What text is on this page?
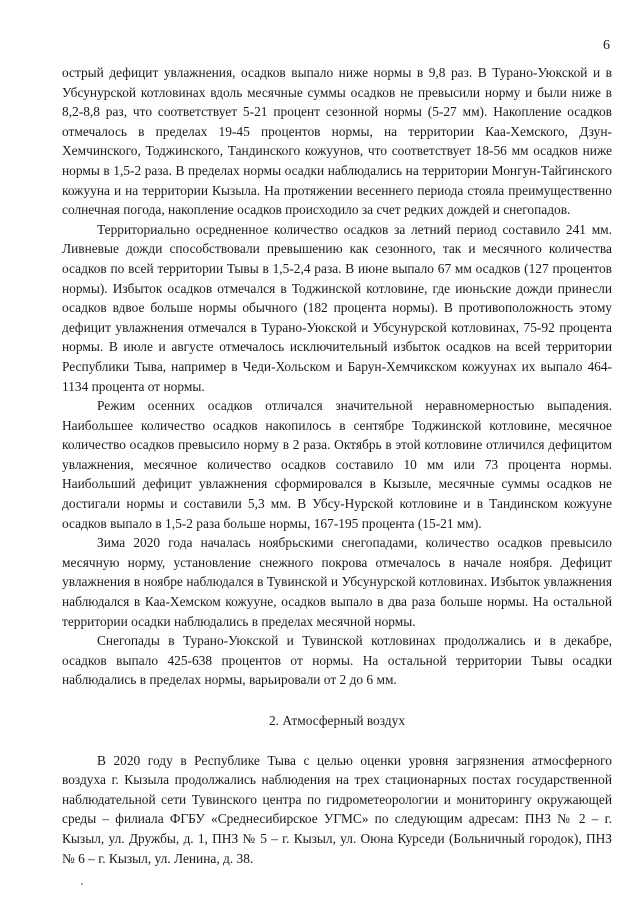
6

острый дефицит увлажнения, осадков выпало ниже нормы в 9,8 раз. В Турано-Уюкской и в Убсунурской котловинах вдоль месячные суммы осадков не превысили норму и были ниже в 8,2-8,8 раз, что соответствует 5-21 процент сезонной нормы (5-27 мм). Накопление осадков отмечалось в пределах 19-45 процентов нормы, на территории Каа-Хемского, Дзун-Хемчинского, Тоджинского, Тандинского кожуунов, что соответствует 18-56 мм осадков ниже нормы в 1,5-2 раза. В пределах нормы осадки наблюдались на территории Монгун-Тайгинского кожууна и на территории Кызыла. На протяжении весеннего периода стояла преимущественно солнечная погода, накопление осадков происходило за счет редких дождей и снегопадов.

Территориально осредненное количество осадков за летний период составило 241 мм. Ливневые дожди способствовали превышению как сезонного, так и месячного количества осадков по всей территории Тывы в 1,5-2,4 раза. В июне выпало 67 мм осадков (127 процентов нормы). Избыток осадков отмечался в Тоджинской котловине, где июньские дожди принесли осадков вдвое больше нормы обычного (182 процента нормы). В противоположность этому дефицит увлажнения отмечался в Турано-Уюкской и Убсунурской котловинах, 75-92 процента нормы. В июле и августе отмечалось исключительный избыток осадков на всей территории Республики Тыва, например в Чеди-Хольском и Барун-Хемчикском кожуунах их выпало 464-1134 процента от нормы.

Режим осенних осадков отличался значительной неравномерностью выпадения. Наибольшее количество осадков накопилось в сентябре Тоджинской котловине, месячное количество осадков превысило норму в 2 раза. Октябрь в этой котловине отличился дефицитом увлажнения, месячное количество осадков составило 10 мм или 73 процента нормы. Наибольший дефицит увлажнения сформировался в Кызыле, месячные суммы осадков не достигали нормы и составили 5,3 мм. В Убсу-Нурской котловине и в Тандинском кожууне осадков выпало в 1,5-2 раза больше нормы, 167-195 процента (15-21 мм).

Зима 2020 года началась ноябрьскими снегопадами, количество осадков превысило месячную норму, установление снежного покрова отмечалось в начале ноября. Дефицит увлажнения в ноябре наблюдался в Тувинской и Убсунурской котловинах. Избыток увлажнения наблюдался в Каа-Хемском кожууне, осадков выпало в два раза больше нормы. На остальной территории осадки наблюдались в пределах месячной нормы.

Снегопады в Турано-Уюкской и Тувинской котловинах продолжались и в декабре, осадков выпало 425-638 процентов от нормы. На остальной территории Тывы осадки наблюдались в пределах нормы, варьировали от 2 до 6 мм.

2. Атмосферный воздух

В 2020 году в Республике Тыва с целью оценки уровня загрязнения атмосферного воздуха г. Кызыла продолжались наблюдения на трех стационарных постах государственной наблюдательной сети Тувинского центра по гидрометеорологии и мониторингу окружающей среды – филиала ФГБУ «Среднесибирское УГМС» по следующим адресам: ПНЗ № 2 – г. Кызыл, ул. Дружбы, д. 1, ПНЗ № 5 – г. Кызыл, ул. Оюна Курседи (Больничный городок), ПНЗ № 6 – г. Кызыл, ул. Ленина, д. 38.
